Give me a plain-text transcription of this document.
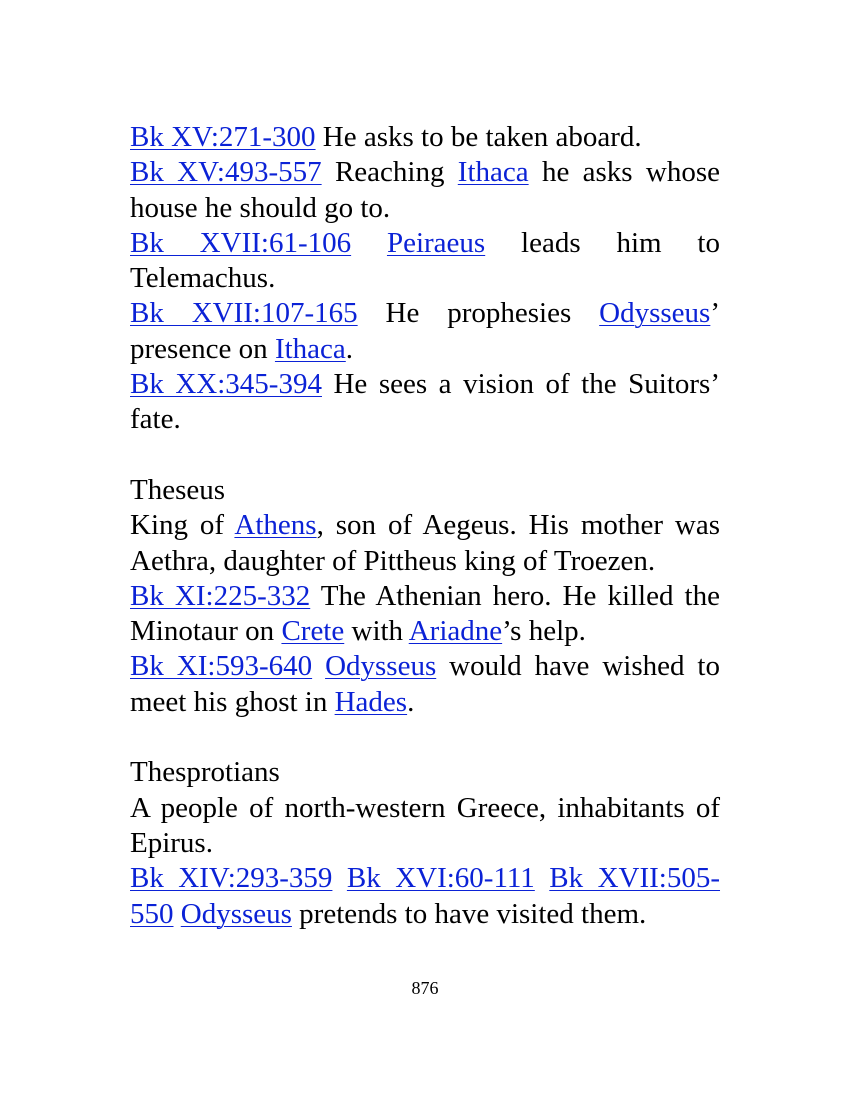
Bk XV:271-300 He asks to be taken aboard.

Bk XV:493-557 Reaching Ithaca he asks whose house he should go to.

Bk XVII:61-106 Peiraeus leads him to Telemachus.

Bk XVII:107-165 He prophesies Odysseus’ presence on Ithaca.

Bk XX:345-394 He sees a vision of the Suitors’ fate.

Theseus

King of Athens, son of Aegeus. His mother was Aethra, daughter of Pittheus king of Troezen.

Bk XI:225-332 The Athenian hero. He killed the Minotaur on Crete with Ariadne’s help.

Bk XI:593-640 Odysseus would have wished to meet his ghost in Hades.

Thesprotians

A people of north-western Greece, inhabitants of Epirus.

Bk XIV:293-359 Bk XVI:60-111 Bk XVII:505-550 Odysseus pretends to have visited them.

876
